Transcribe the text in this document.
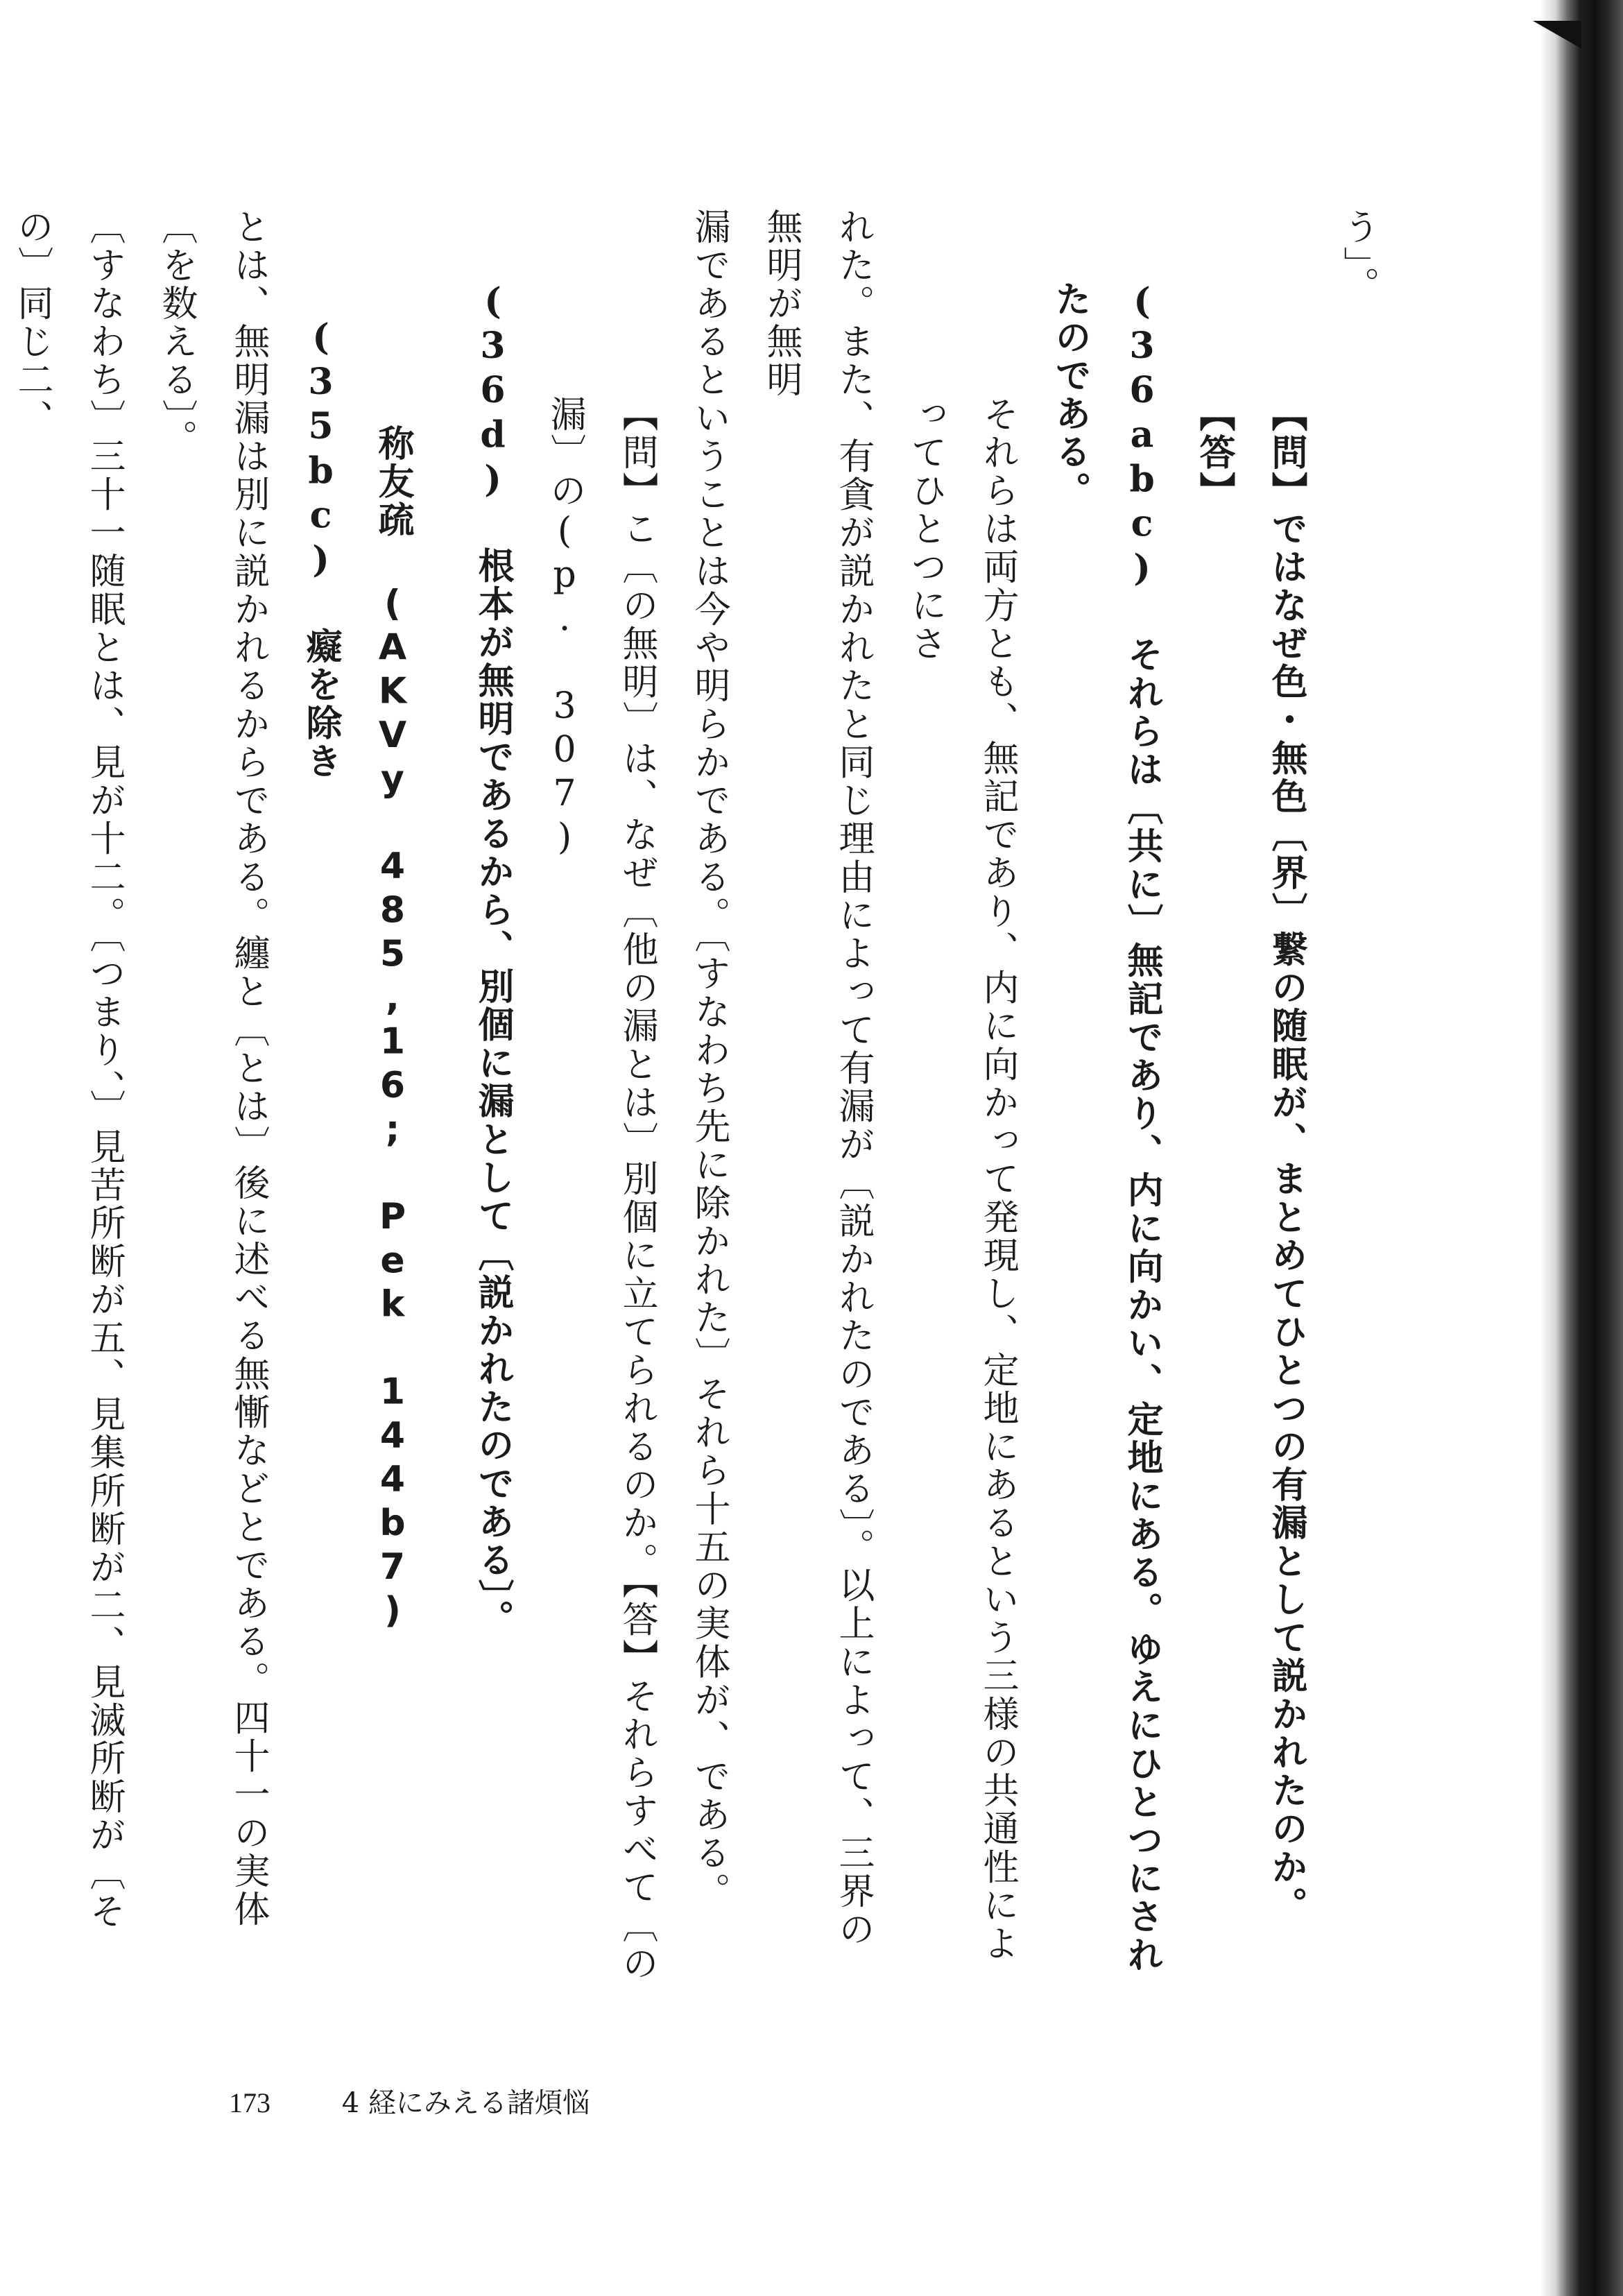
う」。
【問】ではなぜ色・無色〔界〕繋の随眠が、まとめてひとつの有漏として説かれたのか。【答】
(36abc) それらは〔共に〕無記であり、内に向かい、定地にある。ゆえにひとつにされたのである。
それらは両方とも、無記であり、内に向かって発現し、定地にあるという三様の共通性によってひとつにさ
れた。また、有貪が説かれたと同じ理由によって有漏が〔説かれたのである〕。以上によって、三界の無明が無明
漏であるということは今や明らかである。〔すなわち先に除かれた〕それら十五の実体が、である。
【問】こ〔の無明〕は、なぜ〔他の漏とは〕別個に立てられるのか。【答】それらすべて〔の漏〕の(p. 307)
(36d) 根本が無明であるから、別個に漏として〔説かれたのである〕。
称友疏 (AKVy 485,16; Pek 144b7)
(35bc) 癡を除き
とは、無明漏は別に説かれるからである。纏と〔とは〕後に述べる無慚などとである。四十一の実体〔を数える〕。
〔すなわち〕三十一随眠とは、見が十二。〔つまり、〕見苦所断が五、見集所断が二、見滅所断が〔その〕同じ二、
173	4 経にみえる諸煩悩
